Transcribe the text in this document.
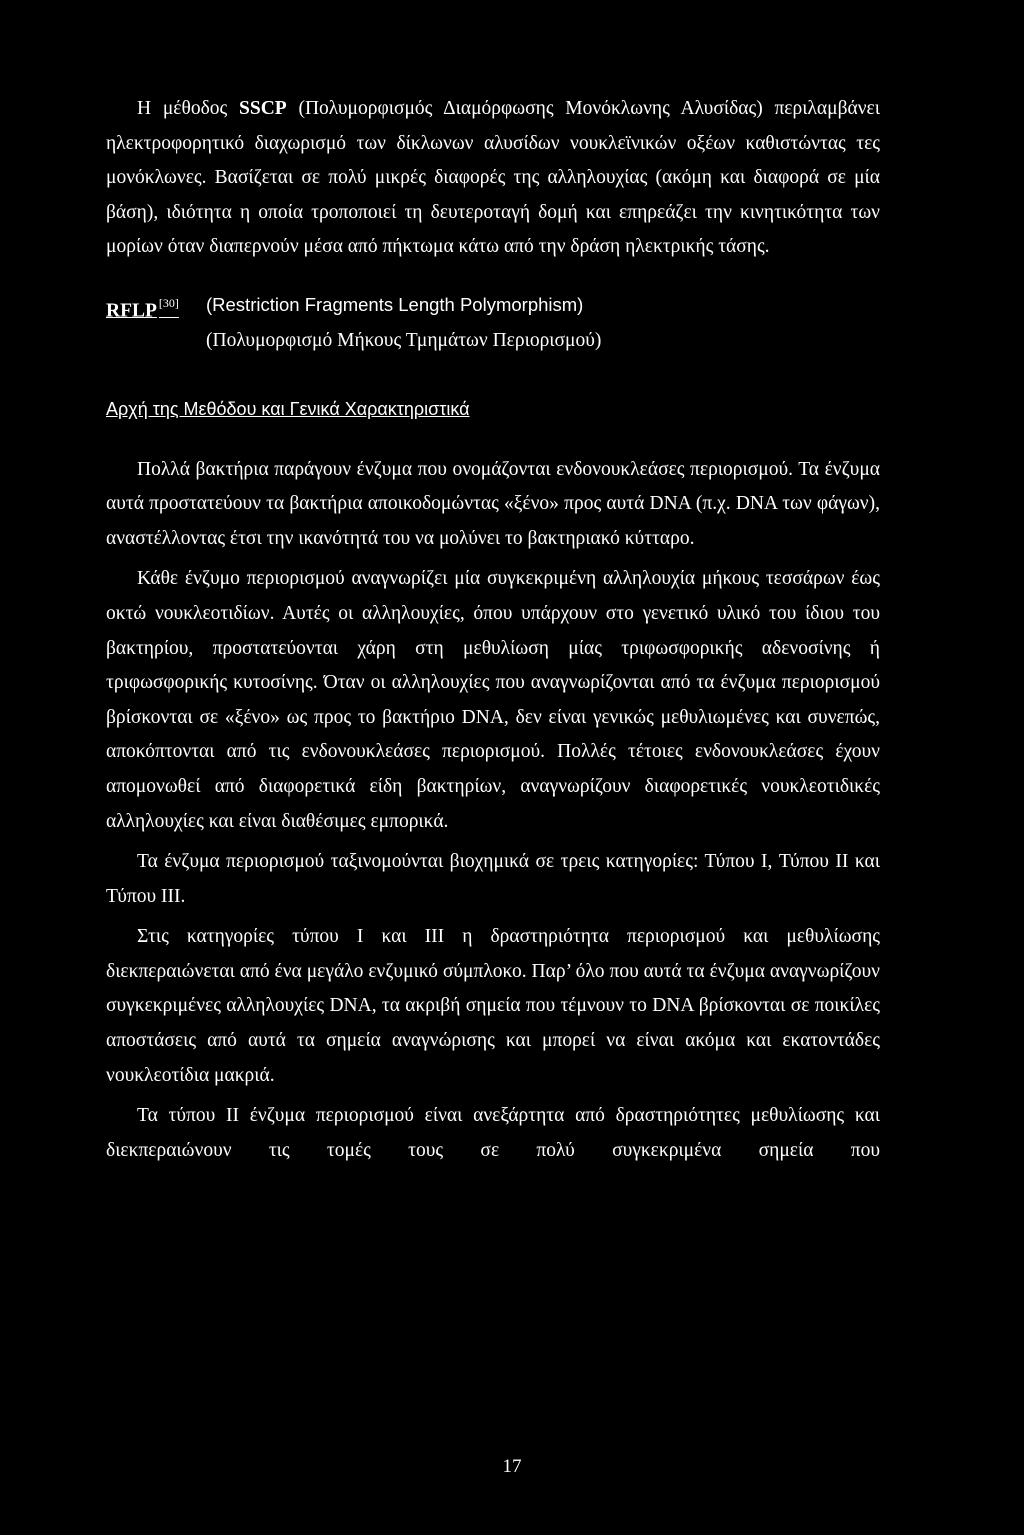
Η μέθοδος SSCP (Πολυμορφισμός Διαμόρφωσης Μονόκλωνης Αλυσίδας) περιλαμβάνει ηλεκτροφορητικό διαχωρισμό των δίκλωνων αλυσίδων νουκλεϊνικών οξέων καθιστώντας τες μονόκλωνες. Βασίζεται σε πολύ μικρές διαφορές της αλληλουχίας (ακόμη και διαφορά σε μία βάση), ιδιότητα η οποία τροποποιεί τη δευτεροταγή δομή και επηρεάζει την κινητικότητα των μορίων όταν διαπερνούν μέσα από πήκτωμα κάτω από την δράση ηλεκτρικής τάσης.

RFLP [30] (Restriction Fragments Length Polymorphism)
(Πολυμορφισμό Μήκους Τμημάτων Περιορισμού)
Αρχή της Μεθόδου και Γενικά Χαρακτηριστικά

Πολλά βακτήρια παράγουν ένζυμα που ονομάζονται ενδονουκλεάσες περιορισμού. Τα ένζυμα αυτά προστατεύουν τα βακτήρια αποικοδομώντας «ξένο» προς αυτά DNA (π.χ. DNA των φάγων), αναστέλλοντας έτσι την ικανότητά του να μολύνει το βακτηριακό κύτταρο.

Κάθε ένζυμο περιορισμού αναγνωρίζει μία συγκεκριμένη αλληλουχία μήκους τεσσάρων έως οκτώ νουκλεοτιδίων. Αυτές οι αλληλουχίες, όπου υπάρχουν στο γενετικό υλικό του ίδιου του βακτηρίου, προστατεύονται χάρη στη μεθυλίωση μίας τριφωσφορικής αδενοσίνης ή τριφωσφορικής κυτοσίνης. Όταν οι αλληλουχίες που αναγνωρίζονται από τα ένζυμα περιορισμού βρίσκονται σε «ξένο» ως προς το βακτήριο DNA, δεν είναι γενικώς μεθυλιωμένες και συνεπώς, αποκόπτονται από τις ενδονουκλεάσες περιορισμού. Πολλές τέτοιες ενδονουκλεάσες έχουν απομονωθεί από διαφορετικά είδη βακτηρίων, αναγνωρίζουν διαφορετικές νουκλεοτιδικές αλληλουχίες και είναι διαθέσιμες εμπορικά.

Τα ένζυμα περιορισμού ταξινομούνται βιοχημικά σε τρεις κατηγορίες: Τύπου I, Τύπου II και Τύπου III.

Στις κατηγορίες τύπου I και III η δραστηριότητα περιορισμού και μεθυλίωσης διεκπεραιώνεται από ένα μεγάλο ενζυμικό σύμπλοκο. Παρ’ όλο που αυτά τα ένζυμα αναγνωρίζουν συγκεκριμένες αλληλουχίες DNA, τα ακριβή σημεία που τέμνουν το DNA βρίσκονται σε ποικίλες αποστάσεις από αυτά τα σημεία αναγνώρισης και μπορεί να είναι ακόμα και εκατοντάδες νουκλεοτίδια μακριά.

Τα τύπου II ένζυμα περιορισμού είναι ανεξάρτητα από δραστηριότητες μεθυλίωσης και διεκπεραιώνουν τις τομές τους σε πολύ συγκεκριμένα σημεία που

17
